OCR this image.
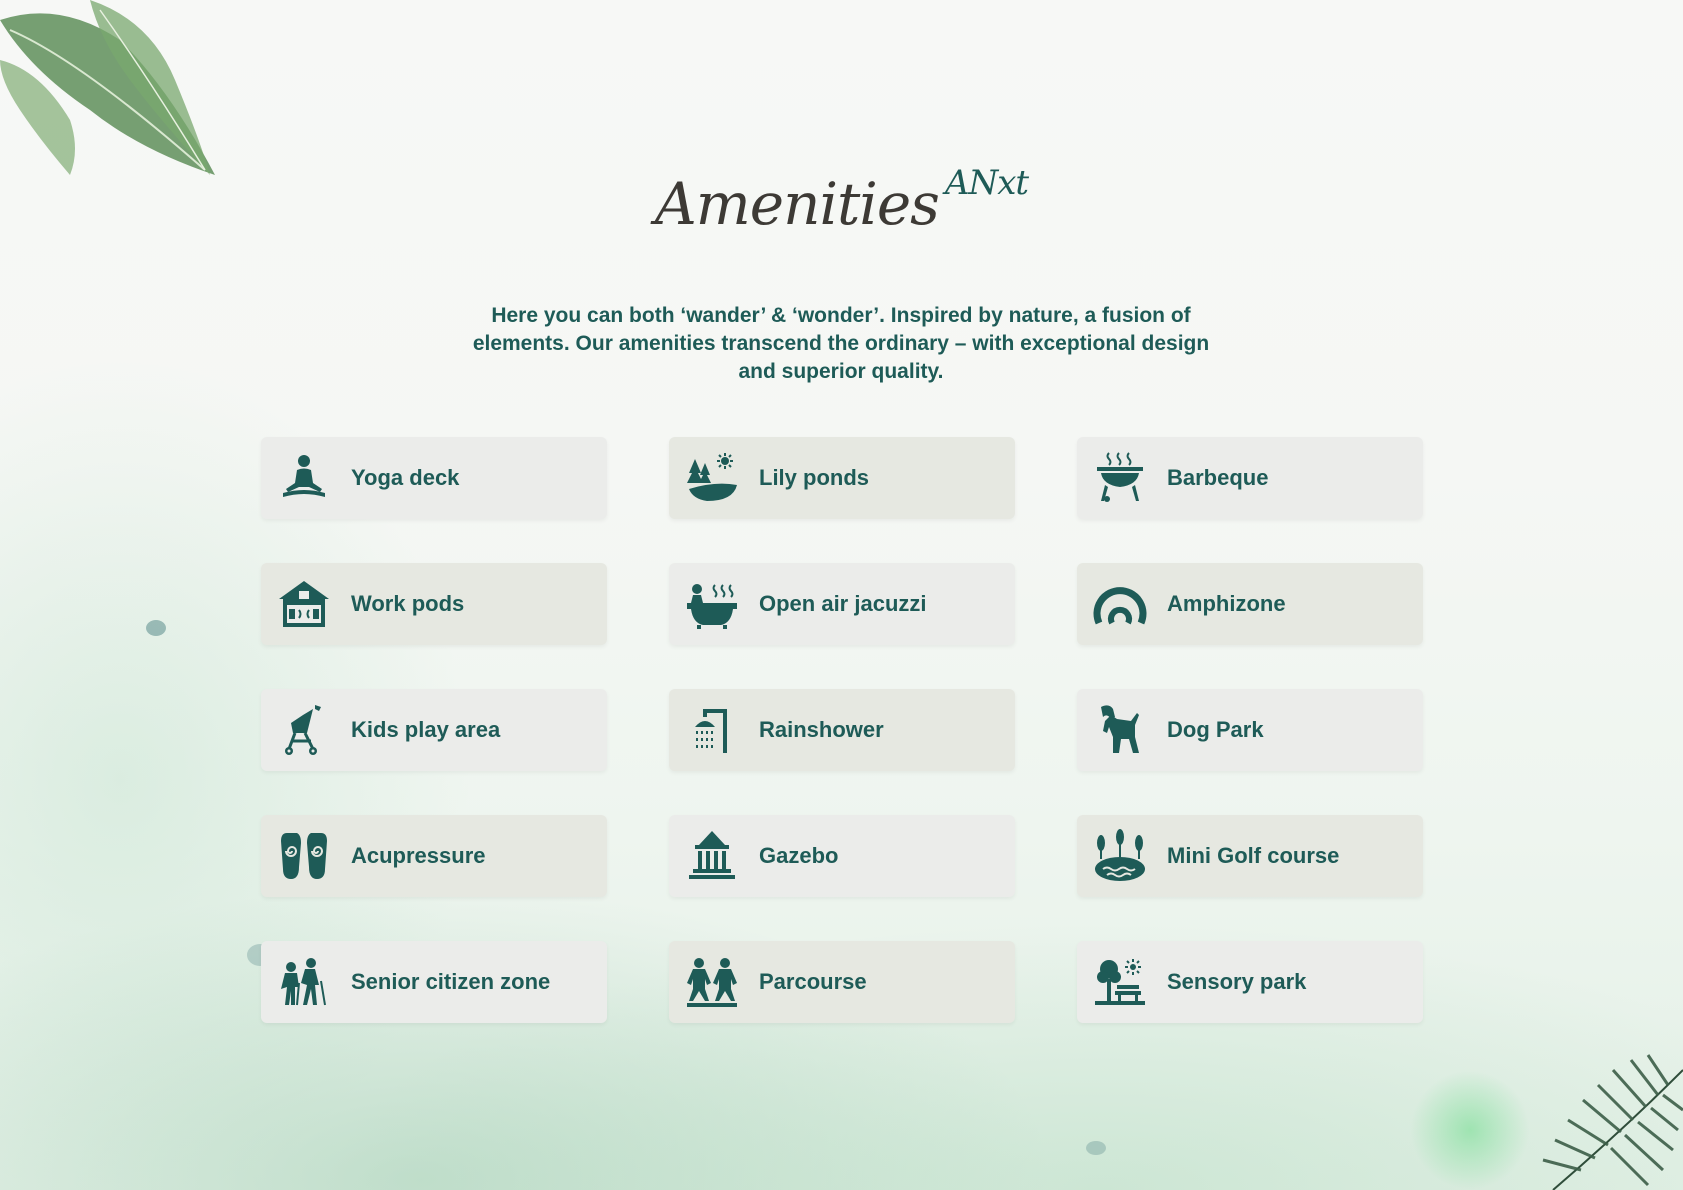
Amenities ANxt
Here you can both ‘wander’ & ‘wonder’. Inspired by nature, a fusion of elements. Our amenities transcend the ordinary – with exceptional design and superior quality.
Yoga deck	Lily ponds	Barbeque
Work pods	Open air jacuzzi	Amphizone
Kids play area	Rainshower	Dog Park
Acupressure	Gazebo	Mini Golf course
Senior citizen zone	Parcourse	Sensory park
